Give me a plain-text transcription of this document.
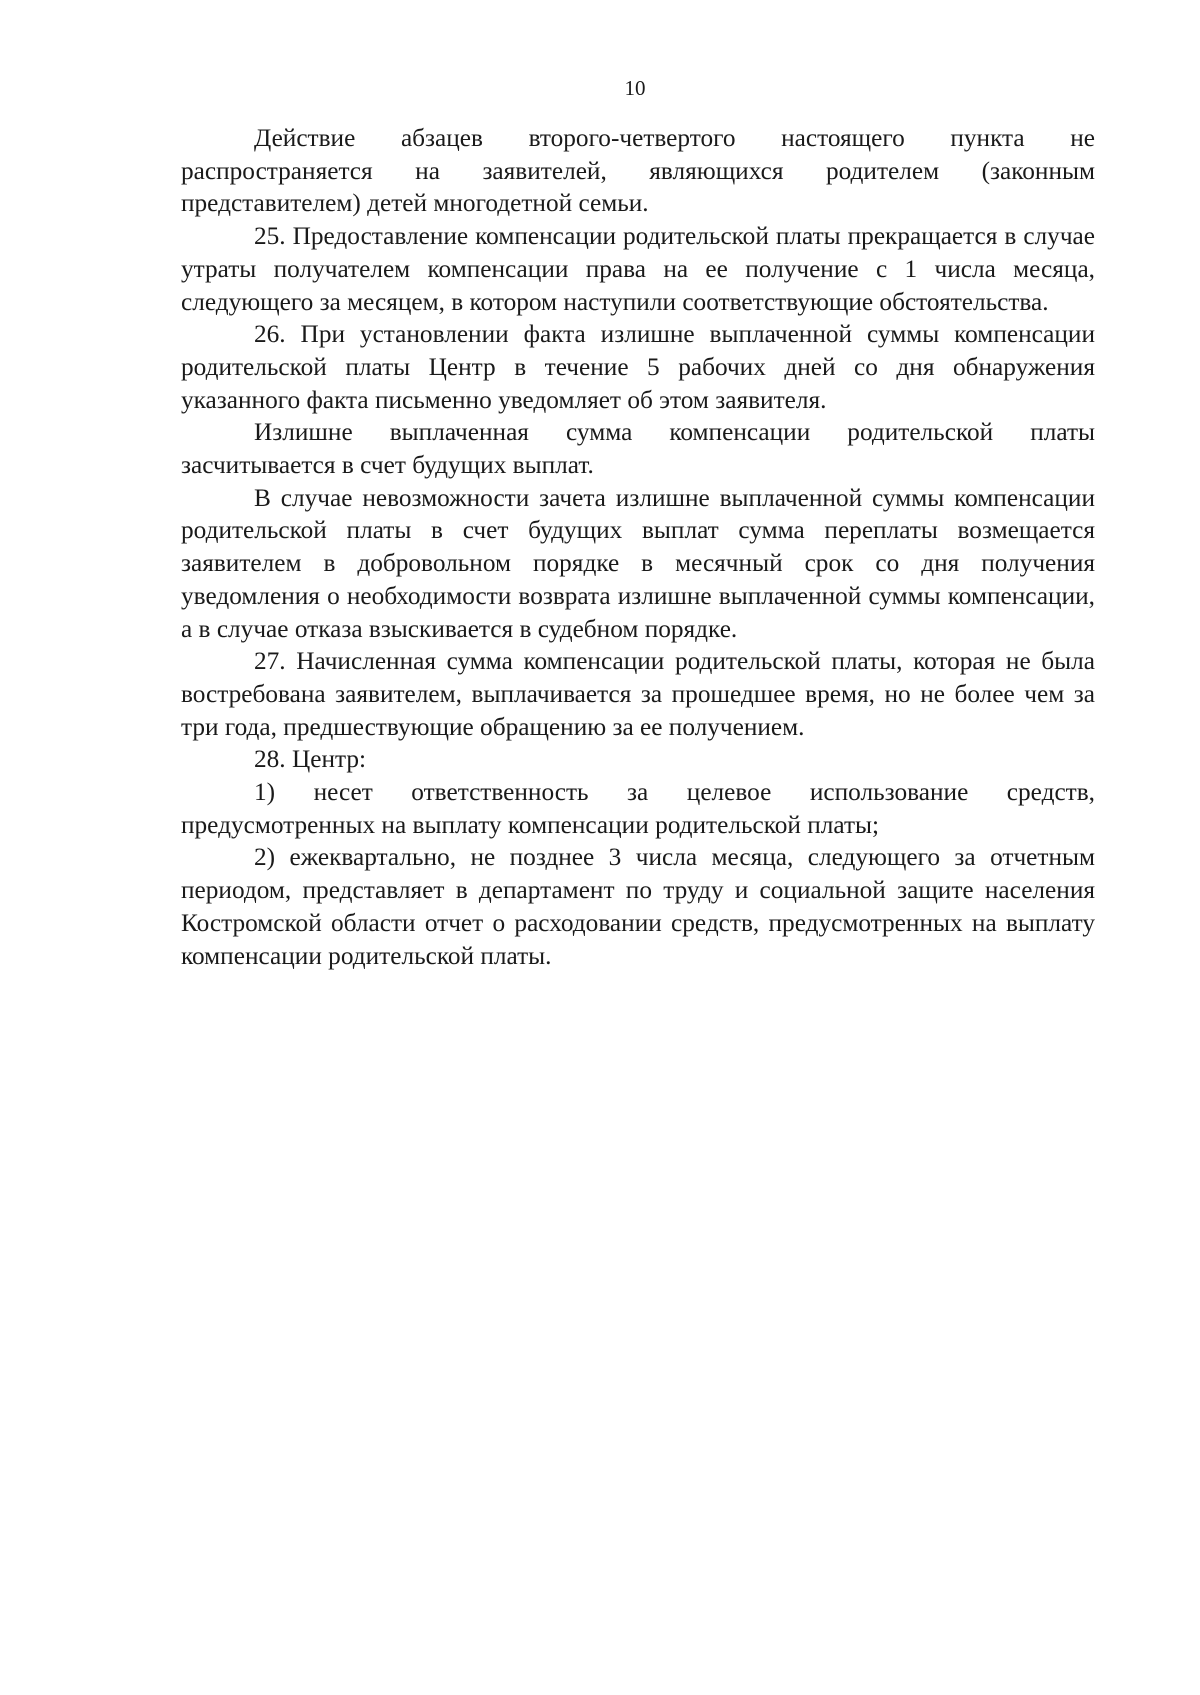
10

Действие абзацев второго-четвертого настоящего пункта не распространяется на заявителей, являющихся родителем (законным представителем) детей многодетной семьи.

25. Предоставление компенсации родительской платы прекращается в случае утраты получателем компенсации права на ее получение с 1 числа месяца, следующего за месяцем, в котором наступили соответствующие обстоятельства.

26. При установлении факта излишне выплаченной суммы компенсации родительской платы Центр в течение 5 рабочих дней со дня обнаружения указанного факта письменно уведомляет об этом заявителя.

Излишне выплаченная сумма компенсации родительской платы засчитывается в счет будущих выплат.

В случае невозможности зачета излишне выплаченной суммы компенсации родительской платы в счет будущих выплат сумма переплаты возмещается заявителем в добровольном порядке в месячный срок со дня получения уведомления о необходимости возврата излишне выплаченной суммы компенсации, а в случае отказа взыскивается в судебном порядке.

27. Начисленная сумма компенсации родительской платы, которая не была востребована заявителем, выплачивается за прошедшее время, но не более чем за три года, предшествующие обращению за ее получением.

28. Центр:

1) несет ответственность за целевое использование средств, предусмотренных на выплату компенсации родительской платы;

2) ежеквартально, не позднее 3 числа месяца, следующего за отчетным периодом, представляет в департамент по труду и социальной защите населения Костромской области отчет о расходовании средств, предусмотренных на выплату компенсации родительской платы.
